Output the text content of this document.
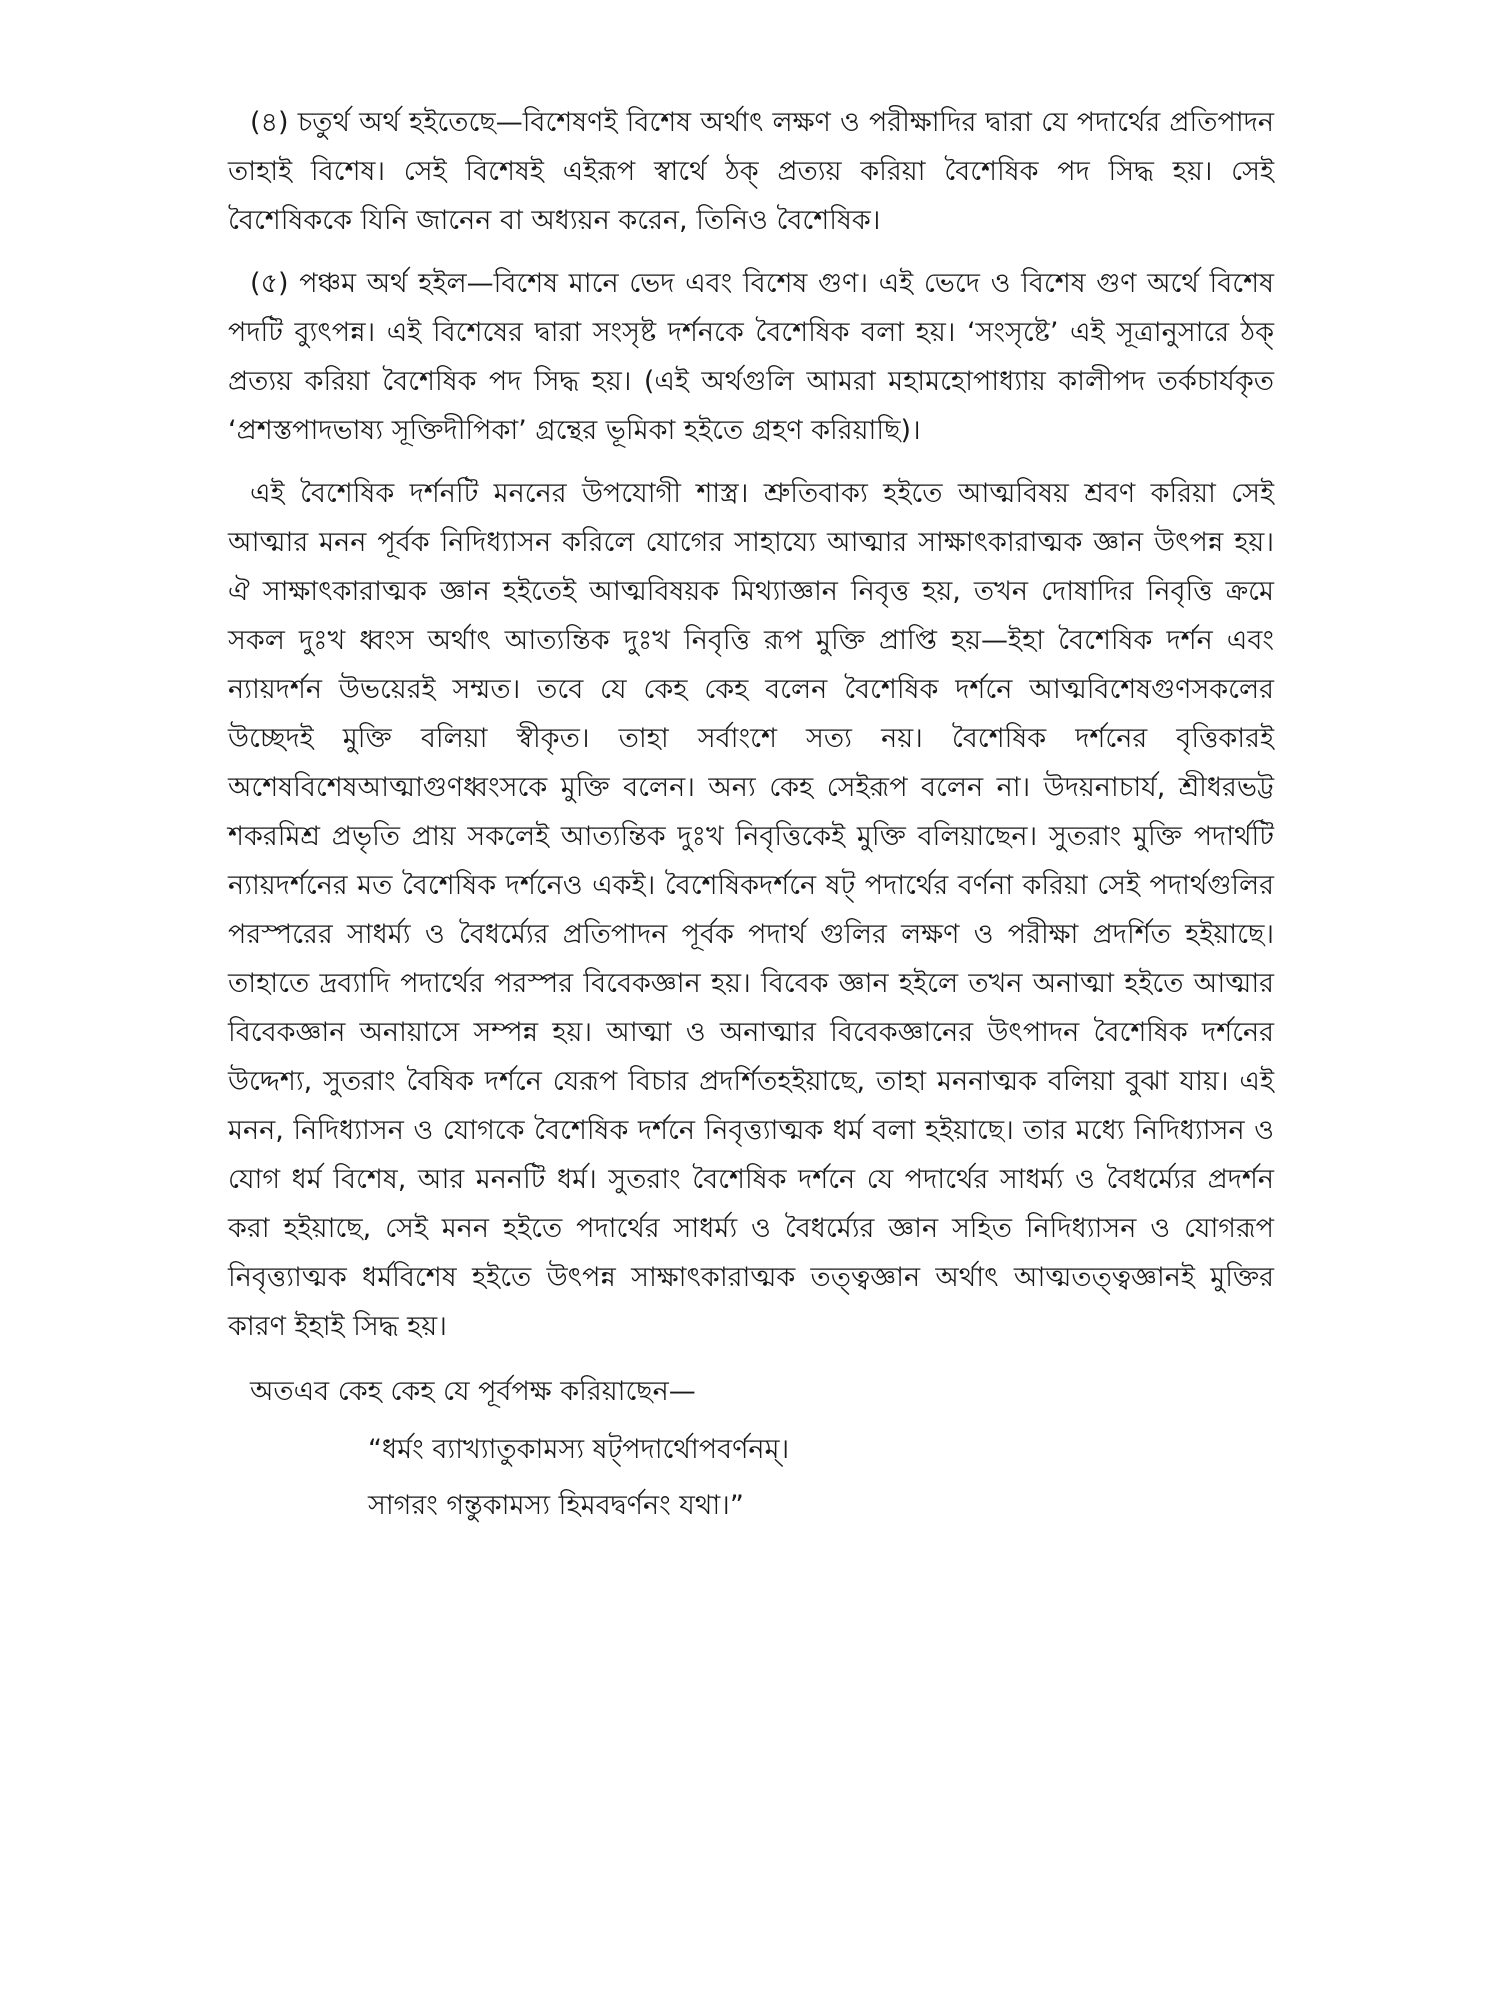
(৪) চতুর্থ অর্থ হইতেছে—বিশেষণই বিশেষ অর্থাৎ লক্ষণ ও পরীক্ষাদির দ্বারা যে পদার্থের প্রতিপাদন তাহাই বিশেষ। সেই বিশেষই এইরূপ স্বার্থে ঠক্ প্রত্যয় করিয়া বৈশেষিক পদ সিদ্ধ হয়। সেই বৈশেষিককে যিনি জানেন বা অধ্যয়ন করেন, তিনিও বৈশেষিক।

(৫) পঞ্চম অর্থ হইল—বিশেষ মানে ভেদ এবং বিশেষ গুণ। এই ভেদে ও বিশেষ গুণ অর্থে বিশেষ পদটি ব্যুৎপন্ন। এই বিশেষের দ্বারা সংসৃষ্ট দর্শনকে বৈশেষিক বলা হয়। ‘সংসৃষ্টে’ এই সূত্রানুসারে ঠক্ প্রত্যয় করিয়া বৈশেষিক পদ সিদ্ধ হয়। (এই অর্থগুলি আমরা মহামহোপাধ্যায় কালীপদ তর্কচার্যকৃত ‘প্রশস্তপাদভাষ্য সূক্তিদীপিকা’ গ্রন্থের ভূমিকা হইতে গ্রহণ করিয়াছি)।

এই বৈশেষিক দর্শনটি মননের উপযোগী শাস্ত্র। শ্রুতিবাক্য হইতে আত্মবিষয় শ্রবণ করিয়া সেই আত্মার মনন পূর্বক নিদিধ্যাসন করিলে যোগের সাহায্যে আত্মার সাক্ষাৎকারাত্মক জ্ঞান উৎপন্ন হয়। ঐ সাক্ষাৎকারাত্মক জ্ঞান হইতেই আত্মবিষয়ক মিথ্যাজ্ঞান নিবৃত্ত হয়, তখন দোষাদির নিবৃত্তি ক্রমে সকল দুঃখ ধ্বংস অর্থাৎ আত্যন্তিক দুঃখ নিবৃত্তি রূপ মুক্তি প্রাপ্তি হয়—ইহা বৈশেষিক দর্শন এবং ন্যায়দর্শন উভয়েরই সম্মত। তবে যে কেহ কেহ বলেন বৈশেষিক দর্শনে আত্মবিশেষগুণসকলের উচ্ছেদই মুক্তি বলিয়া স্বীকৃত। তাহা সর্বাংশে সত্য নয়। বৈশেষিক দর্শনের বৃত্তিকারই অশেষবিশেষআত্মাগুণধ্বংসকে মুক্তি বলেন। অন্য কেহ সেইরূপ বলেন না। উদয়নাচার্য, শ্রীধরভট্ট শকরমিশ্র প্রভৃতি প্রায় সকলেই আত্যন্তিক দুঃখ নিবৃত্তিকেই মুক্তি বলিয়াছেন। সুতরাং মুক্তি পদার্থটি ন্যায়দর্শনের মত বৈশেষিক দর্শনেও একই। বৈশেষিকদর্শনে ষট্ পদার্থের বর্ণনা করিয়া সেই পদার্থগুলির পরস্পরের সাধর্ম্য ও বৈধর্ম্যের প্রতিপাদন পূর্বক পদার্থ গুলির লক্ষণ ও পরীক্ষা প্রদর্শিত হইয়াছে। তাহাতে দ্রব্যাদি পদার্থের পরস্পর বিবেকজ্ঞান হয়। বিবেক জ্ঞান হইলে তখন অনাত্মা হইতে আত্মার বিবেকজ্ঞান অনায়াসে সম্পন্ন হয়। আত্মা ও অনাত্মার বিবেকজ্ঞানের উৎপাদন বৈশেষিক দর্শনের উদ্দেশ্য, সুতরাং বৈষিক দর্শনে যেরূপ বিচার প্রদর্শিতহইয়াছে, তাহা মননাত্মক বলিয়া বুঝা যায়। এই মনন, নিদিধ্যাসন ও যোগকে বৈশেষিক দর্শনে নিবৃত্ত্যাত্মক ধর্ম বলা হইয়াছে। তার মধ্যে নিদিধ্যাসন ও যোগ ধর্ম বিশেষ, আর মননটি ধর্ম। সুতরাং বৈশেষিক দর্শনে যে পদার্থের সাধর্ম্য ও বৈধর্ম্যের প্রদর্শন করা হইয়াছে, সেই মনন হইতে পদার্থের সাধর্ম্য ও বৈধর্ম্যের জ্ঞান সহিত নিদিধ্যাসন ও যোগরূপ নিবৃত্ত্যাত্মক ধর্মবিশেষ হইতে উৎপন্ন সাক্ষাৎকারাত্মক তত্ত্বজ্ঞান অর্থাৎ আত্মতত্ত্বজ্ঞানই মুক্তির কারণ ইহাই সিদ্ধ হয়।

অতএব কেহ কেহ যে পূর্বপক্ষ করিয়াছেন—

“ধর্মং ব্যাখ্যাতুকামস্য ষট্পদার্থোপবর্ণনম্।
সাগরং গন্তুকামস্য হিমবদ্বর্ণনং যথা।”
